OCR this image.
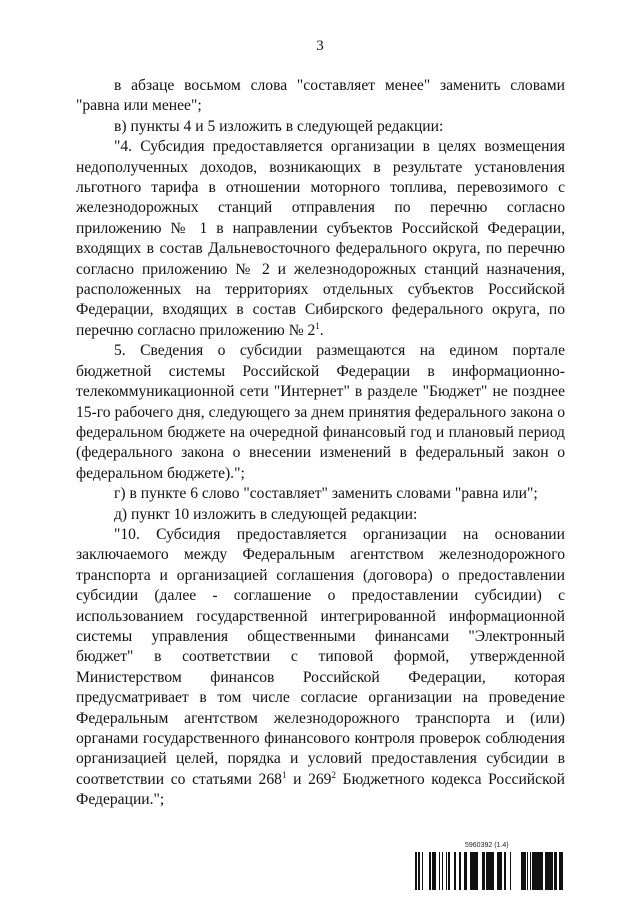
3

в абзаце восьмом слова "составляет менее" заменить словами "равна или менее";

в) пункты 4 и 5 изложить в следующей редакции:

"4. Субсидия предоставляется организации в целях возмещения недополученных доходов, возникающих в результате установления льготного тарифа в отношении моторного топлива, перевозимого с железнодорожных станций отправления по перечню согласно приложению № 1 в направлении субъектов Российской Федерации, входящих в состав Дальневосточного федерального округа, по перечню согласно приложению № 2 и железнодорожных станций назначения, расположенных на территориях отдельных субъектов Российской Федерации, входящих в состав Сибирского федерального округа, по перечню согласно приложению № $2^1$.

5. Сведения о субсидии размещаются на едином портале бюджетной системы Российской Федерации в информационно-телекоммуникационной сети "Интернет" в разделе "Бюджет" не позднее 15-го рабочего дня, следующего за днем принятия федерального закона о федеральном бюджете на очередной финансовый год и плановый период (федерального закона о внесении изменений в федеральный закон о федеральном бюджете).";

г) в пункте 6 слово "составляет" заменить словами "равна или";

д) пункт 10 изложить в следующей редакции:

"10. Субсидия предоставляется организации на основании заключаемого между Федеральным агентством железнодорожного транспорта и организацией соглашения (договора) о предоставлении субсидии (далее - соглашение о предоставлении субсидии) с использованием государственной интегрированной информационной системы управления общественными финансами "Электронный бюджет" в соответствии с типовой формой, утвержденной Министерством финансов Российской Федерации, которая предусматривает в том числе согласие организации на проведение Федеральным агентством железнодорожного транспорта и (или) органами государственного финансового контроля проверок соблюдения организацией целей, порядка и условий предоставления субсидии в соответствии со статьями $268^1$ и $269^2$ Бюджетного кодекса Российской Федерации.";

5960392 (1.4)
